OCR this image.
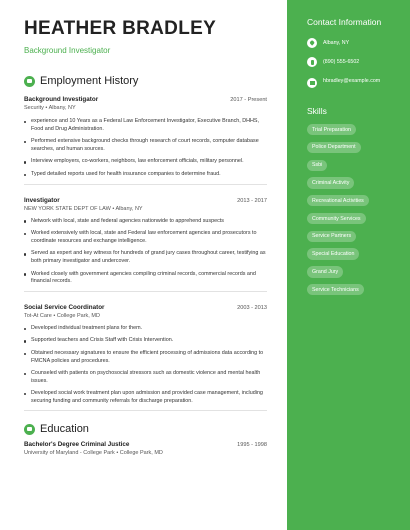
HEATHER BRADLEY
Background Investigator
Employment History
Background Investigator	2017 - Present
Security • Albany, NY
experience and 10 Years as a Federal Law Enforcement Investigator, Executive Branch, DHHS, Food and Drug Administration.
Performed extensive background checks through research of court records, computer database searches, and human sources.
Interview employers, co-workers, neighbors, law enforcement officials, military personnel.
Typed detailed reports used for health insurance companies to determine fraud.
Investigator	2013 - 2017
NEW YORK STATE DEPT OF LAW • Albany, NY
Network with local, state and federal agencies nationwide to apprehend suspects
Worked extensively with local, state and Federal law enforcement agencies and prosecutors to coordinate resources and exchange intelligence.
Served as expert and key witness for hundreds of grand jury cases throughout career, testifying as both primary investigator and undercover.
Worked closely with government agencies compiling criminal records, commercial records and financial records.
Social Service Coordinator	2003 - 2013
Tot-At Care • College Park, MD
Developed individual treatment plans for them.
Supported teachers and Crisis Staff with Crisis Intervention.
Obtained necessary signatures to ensure the efficient processing of admissions data according to FMCNA policies and procedures.
Counseled with patients on psychosocial stressors such as domestic violence and mental health issues.
Developed social work treatment plan upon admission and provided case management, including securing funding and community referrals for discharge preparation.
Education
Bachelor's Degree Criminal Justice	1995 - 1998
University of Maryland - College Park • College Park, MD
Contact Information
Albany, NY
(890) 555-6502
hbradley@example.com
Skills
Trial Preparation
Police Department
Ssbi
Criminal Activity
Recreational Activities
Community Services
Service Partners
Special Education
Grand Jury
Service Technicians
